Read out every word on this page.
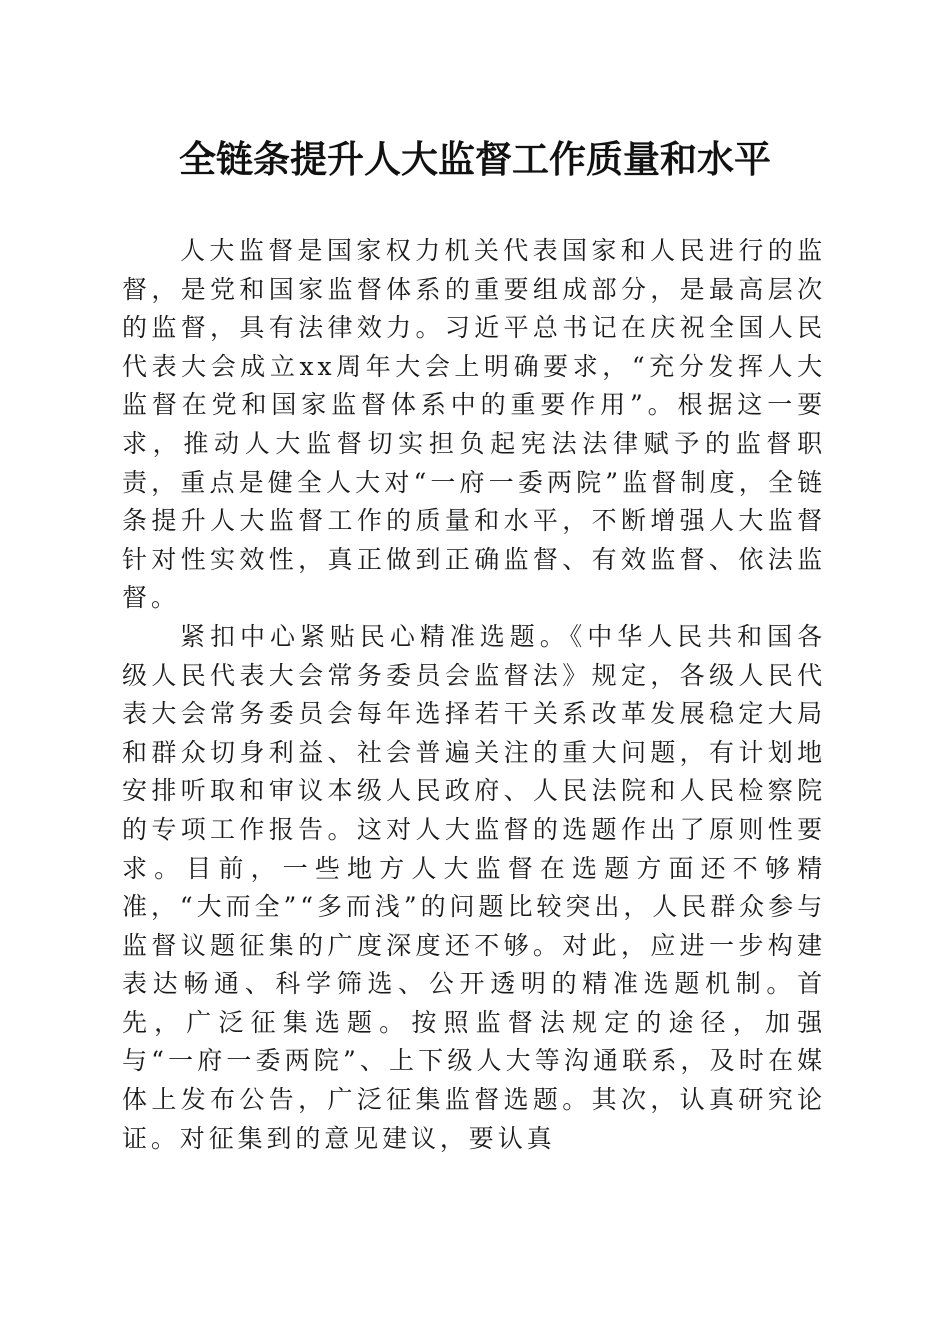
全链条提升人大监督工作质量和水平

人大监督是国家权力机关代表国家和人民进行的监督，是党和国家监督体系的重要组成部分，是最高层次的监督，具有法律效力。习近平总书记在庆祝全国人民代表大会成立xx周年大会上明确要求，“充分发挥人大监督在党和国家监督体系中的重要作用”。根据这一要求，推动人大监督切实担负起宪法法律赋予的监督职责，重点是健全人大对“一府一委两院”监督制度，全链条提升人大监督工作的质量和水平，不断增强人大监督针对性实效性，真正做到正确监督、有效监督、依法监督。

紧扣中心紧贴民心精准选题。《中华人民共和国各级人民代表大会常务委员会监督法》规定，各级人民代表大会常务委员会每年选择若干关系改革发展稳定大局和群众切身利益、社会普遍关注的重大问题，有计划地安排听取和审议本级人民政府、人民法院和人民检察院的专项工作报告。这对人大监督的选题作出了原则性要求。目前，一些地方人大监督在选题方面还不够精准，“大而全”“多而浅”的问题比较突出，人民群众参与监督议题征集的广度深度还不够。对此，应进一步构建表达畅通、科学筛选、公开透明的精准选题机制。首先，广泛征集选题。按照监督法规定的途径，加强与“一府一委两院”、上下级人大等沟通联系，及时在媒体上发布公告，广泛征集监督选题。其次，认真研究论证。对征集到的意见建议，要认真
